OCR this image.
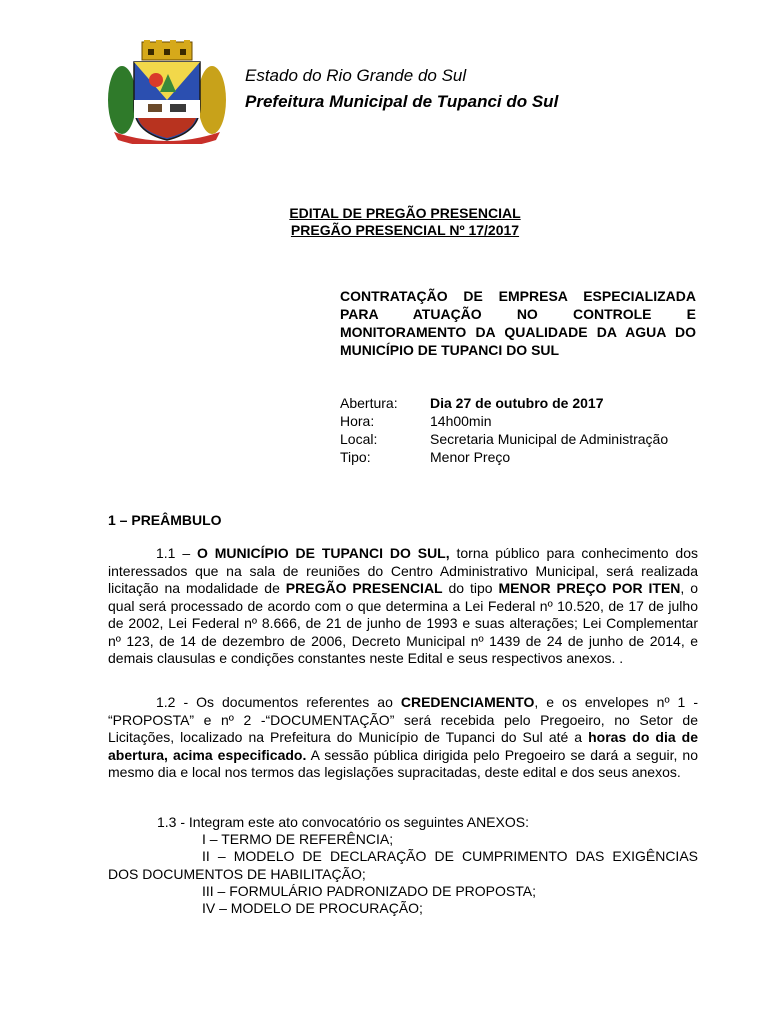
Estado do Rio Grande do Sul

Prefeitura Municipal de Tupanci do Sul

EDITAL DE PREGÃO PRESENCIAL

PREGÃO PRESENCIAL Nº 17/2017

CONTRATAÇÃO DE EMPRESA ESPECIALIZADA PARA ATUAÇÃO NO CONTROLE E MONITORAMENTO DA QUALIDADE DA AGUA DO MUNICÍPIO DE TUPANCI DO SUL

Abertura:	Dia 27 de outubro de 2017
Hora:	14h00min
Local:	Secretaria Municipal de Administração
Tipo:	Menor Preço

1 – PREÂMBULO

1.1 – O MUNICÍPIO DE TUPANCI DO SUL, torna público para conhecimento dos interessados que na sala de reuniões do Centro Administrativo Municipal, será realizada licitação na modalidade de PREGÃO PRESENCIAL do tipo MENOR PREÇO POR ITEN, o qual será processado de acordo com o que determina a Lei Federal nº 10.520, de 17 de julho de 2002, Lei Federal nº 8.666, de 21 de junho de 1993 e suas alterações; Lei Complementar nº 123, de 14 de dezembro de 2006, Decreto Municipal nº 1439 de 24 de junho de 2014, e demais clausulas e condições constantes neste Edital e seus respectivos anexos. .

1.2 - Os documentos referentes ao CREDENCIAMENTO, e os envelopes nº 1 - “PROPOSTA” e nº 2 -“DOCUMENTAÇÃO” será recebida pelo Pregoeiro, no Setor de Licitações, localizado na Prefeitura do Município de Tupanci do Sul até a horas do dia de abertura, acima especificado. A sessão pública dirigida pelo Pregoeiro se dará a seguir, no mesmo dia e local nos termos das legislações supracitadas, deste edital e dos seus anexos.

1.3 - Integram este ato convocatório os seguintes ANEXOS:

I – TERMO DE REFERÊNCIA;

II – MODELO DE DECLARAÇÃO DE CUMPRIMENTO DAS EXIGÊNCIAS DOS DOCUMENTOS DE HABILITAÇÃO;

III – FORMULÁRIO PADRONIZADO DE PROPOSTA;

IV – MODELO DE PROCURAÇÃO;
